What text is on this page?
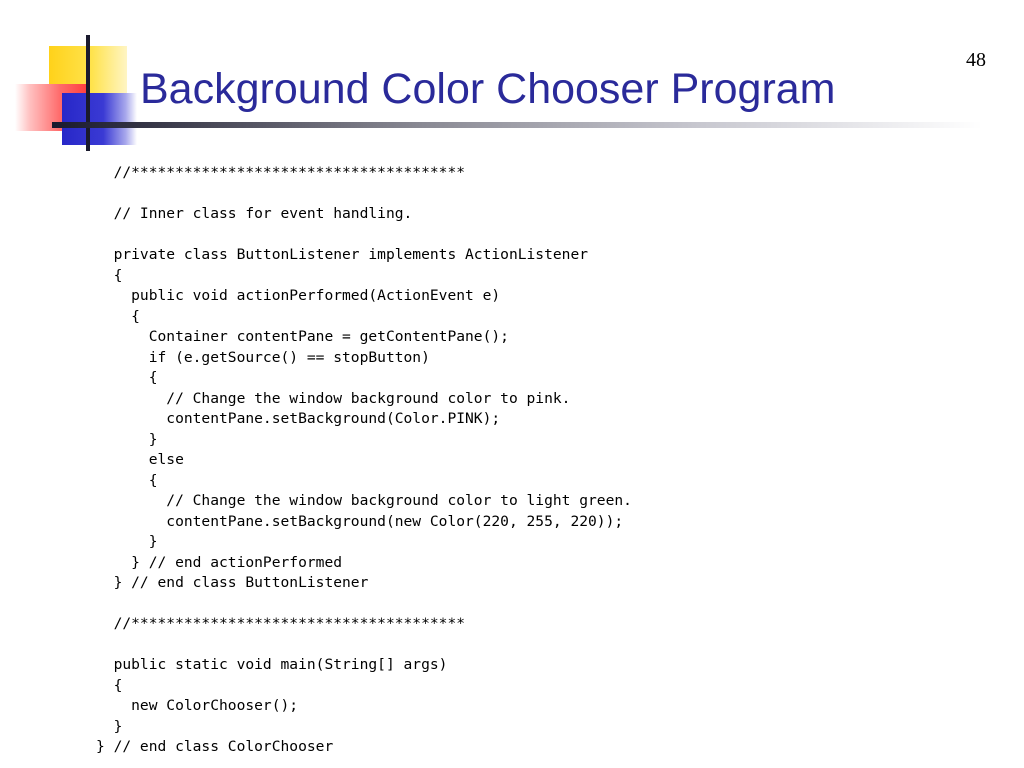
Background Color Chooser Program
48
//**************************************
// Inner class for event handling.
private class ButtonListener implements ActionListener
{
public void actionPerformed(ActionEvent e)
{
Container contentPane = getContentPane();
if (e.getSource() == stopButton)
{
// Change the window background color to pink.
contentPane.setBackground(Color.PINK);
}
else
{
// Change the window background color to light green.
contentPane.setBackground(new Color(220, 255, 220));
}
} // end actionPerformed
} // end class ButtonListener
//**************************************
public static void main(String[] args)
{
new ColorChooser();
}
} // end class ColorChooser
